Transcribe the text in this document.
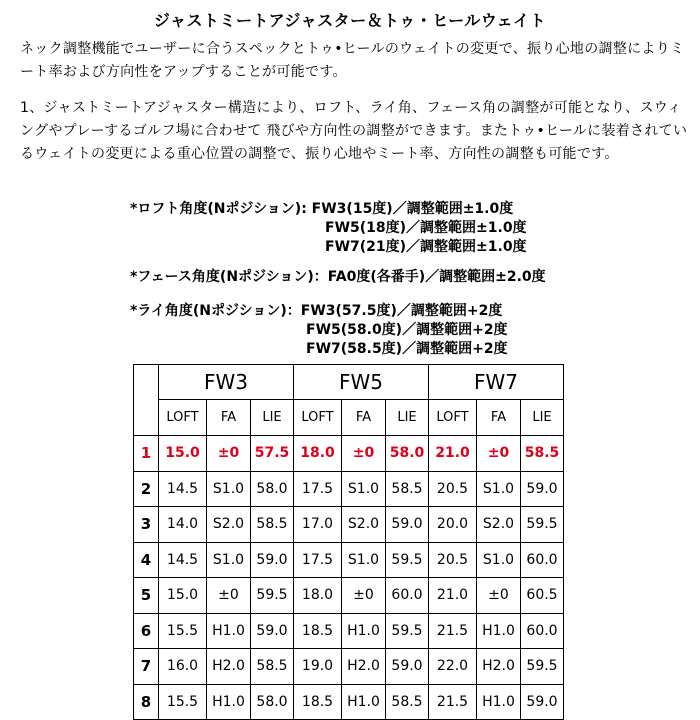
ジャストミートアジャスター＆トゥ・ヒールウェイト
ネック調整機能でユーザーに合うスペックとトゥ•ヒールのウェイトの変更で、振り心地の調整によりミート率および方向性をアップすることが可能です。
1、ジャストミートアジャスター構造により、ロフト、ライ角、フェース角の調整が可能となり、スウィングやプレーするゴルフ場に合わせて 飛びや方向性の調整ができます。またトゥ•ヒールに装着されているウェイトの変更による重心位置の調整で、振り心地やミート率、方向性の調整も可能です。
*ロフト角度(Nポジション): FW3(15度)／調整範囲±1.0度
FW5(18度)／調整範囲±1.0度
FW7(21度)／調整範囲±1.0度
*フェース角度(Nポジション)：FA0度(各番手)／調整範囲±2.0度
*ライ角度(Nポジション)：FW3(57.5度)／調整範囲+2度
FW5(58.0度)／調整範囲+2度
FW7(58.5度)／調整範囲+2度
	FW3			FW5			FW7		
	LOFT	FA	LIE	LOFT	FA	LIE	LOFT	FA	LIE
1	15.0	±0	57.5	18.0	±0	58.0	21.0	±0	58.5
2	14.5	S1.0	58.0	17.5	S1.0	58.5	20.5	S1.0	59.0
3	14.0	S2.0	58.5	17.0	S2.0	59.0	20.0	S2.0	59.5
4	14.5	S1.0	59.0	17.5	S1.0	59.5	20.5	S1.0	60.0
5	15.0	±0	59.5	18.0	±0	60.0	21.0	±0	60.5
6	15.5	H1.0	59.0	18.5	H1.0	59.5	21.5	H1.0	60.0
7	16.0	H2.0	58.5	19.0	H2.0	59.0	22.0	H2.0	59.5
8	15.5	H1.0	58.0	18.5	H1.0	58.5	21.5	H1.0	59.0
